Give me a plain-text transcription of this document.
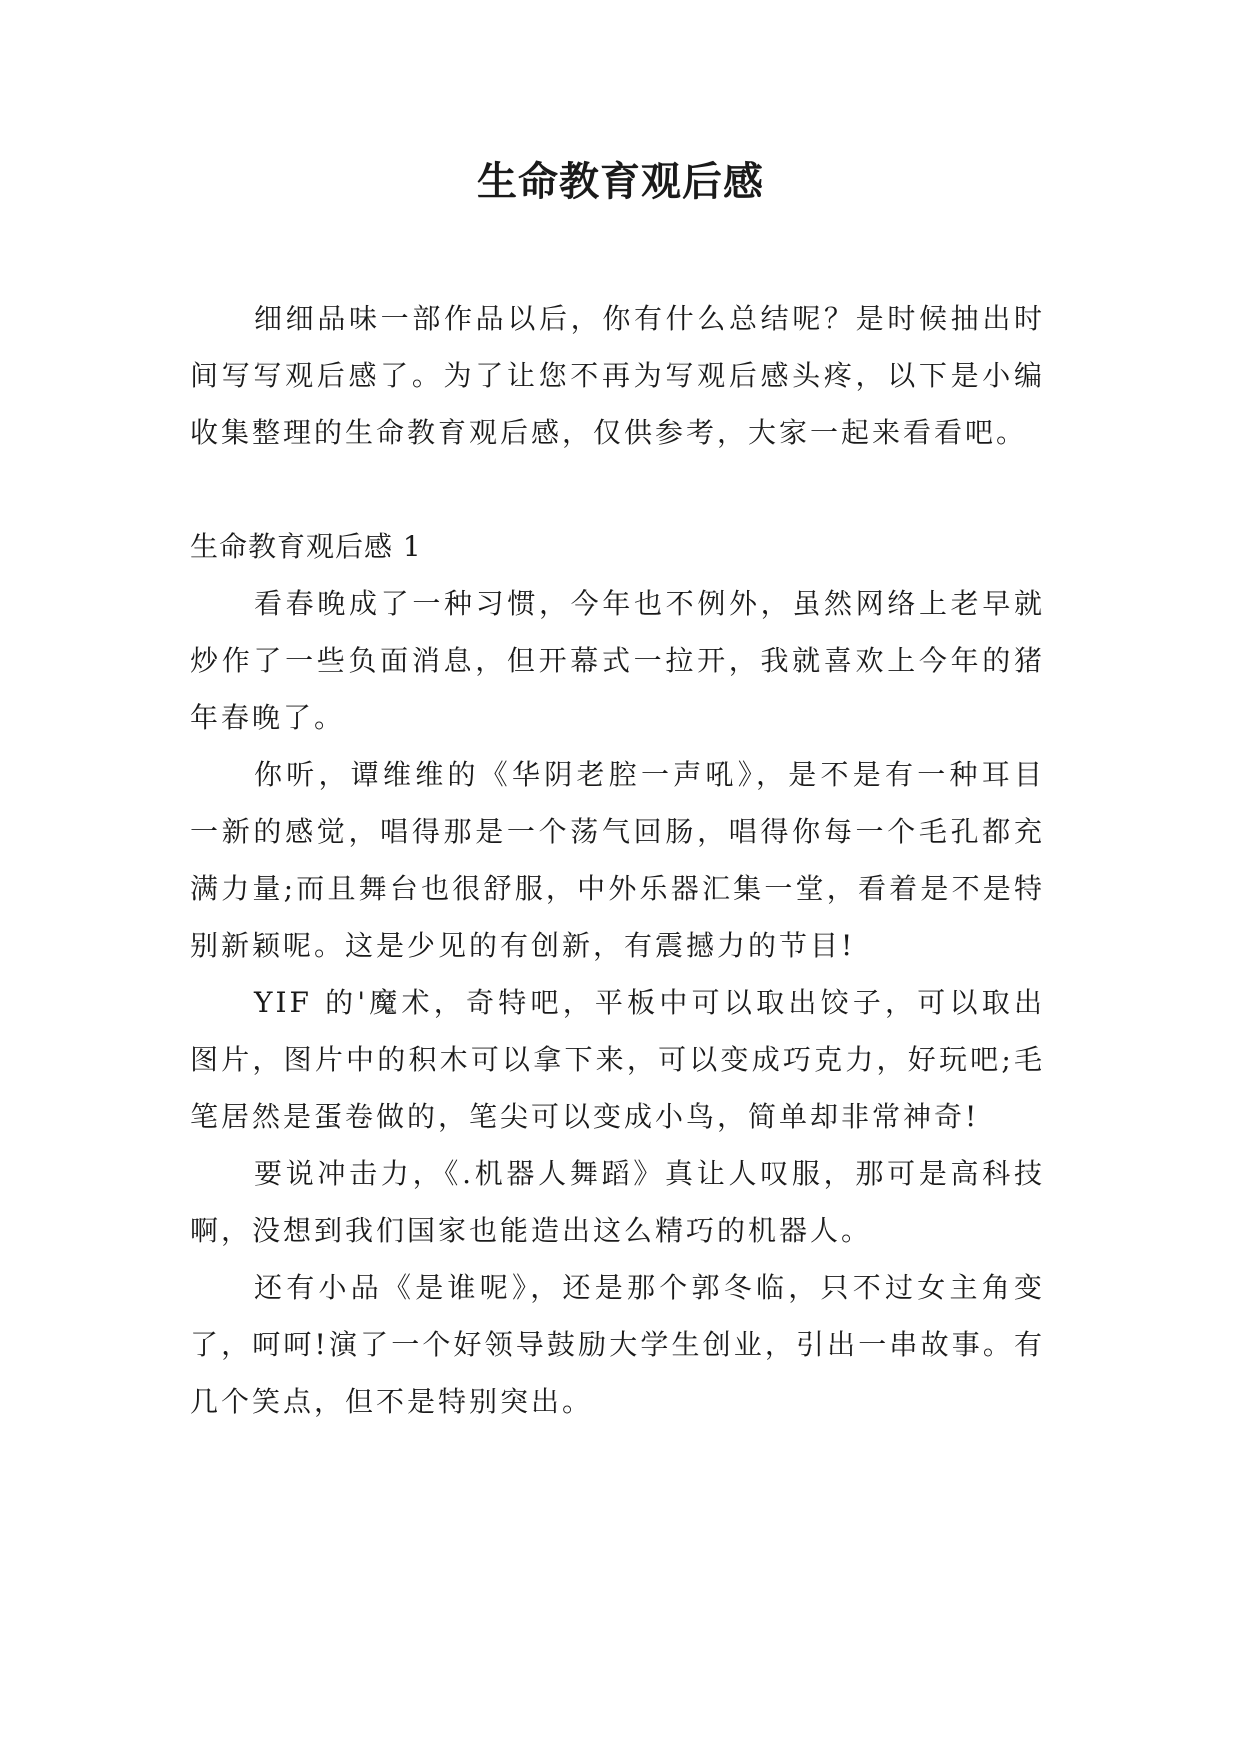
生命教育观后感

细细品味一部作品以后，你有什么总结呢？是时候抽出时间写写观后感了。为了让您不再为写观后感头疼，以下是小编收集整理的生命教育观后感，仅供参考，大家一起来看看吧。

生命教育观后感 1

看春晚成了一种习惯，今年也不例外，虽然网络上老早就炒作了一些负面消息，但开幕式一拉开，我就喜欢上今年的猪年春晚了。

你听，谭维维的《华阴老腔一声吼》，是不是有一种耳目一新的感觉，唱得那是一个荡气回肠，唱得你每一个毛孔都充满力量;而且舞台也很舒服，中外乐器汇集一堂，看着是不是特别新颖呢。这是少见的有创新，有震撼力的节目!

YIF 的'魔术，奇特吧，平板中可以取出饺子，可以取出图片，图片中的积木可以拿下来，可以变成巧克力，好玩吧;毛笔居然是蛋卷做的，笔尖可以变成小鸟，简单却非常神奇!

要说冲击力，《.机器人舞蹈》真让人叹服，那可是高科技啊，没想到我们国家也能造出这么精巧的机器人。

还有小品《是谁呢》，还是那个郭冬临，只不过女主角变了，呵呵!演了一个好领导鼓励大学生创业，引出一串故事。有几个笑点，但不是特别突出。
